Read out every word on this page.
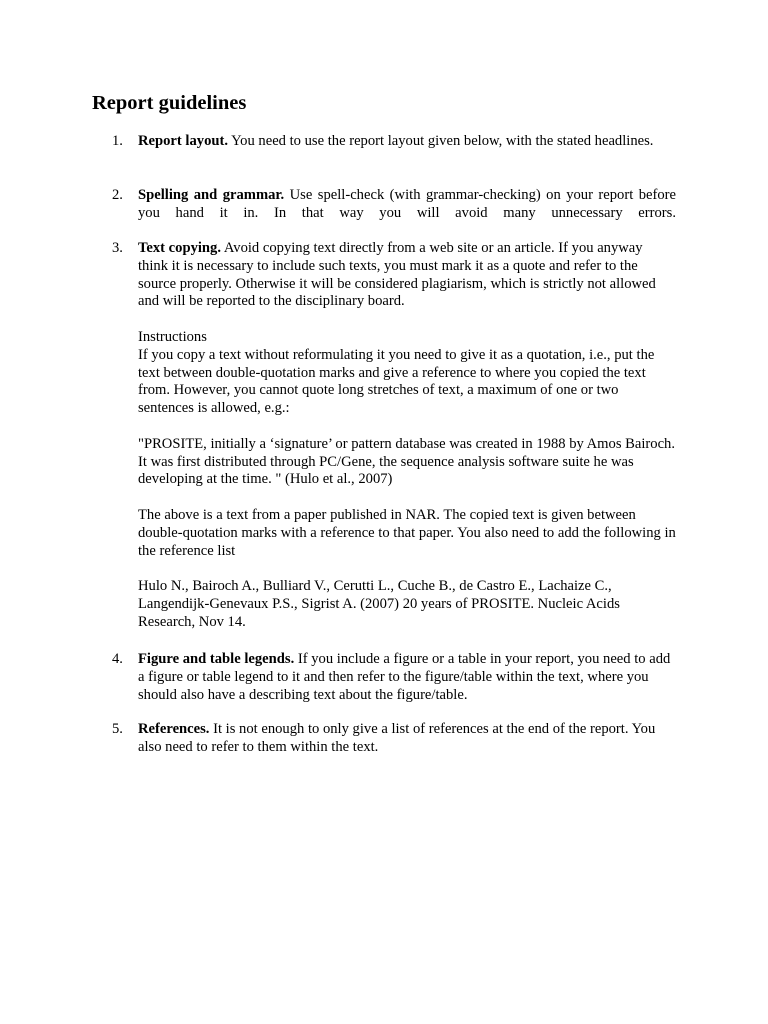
Report guidelines
1. Report layout. You need to use the report layout given below, with the stated headlines.

2. Spelling and grammar. Use spell-check (with grammar-checking) on your report before you hand it in. In that way you will avoid many unnecessary errors.

3. Text copying. Avoid copying text directly from a web site or an article. If you anyway think it is necessary to include such texts, you must mark it as a quote and refer to the source properly. Otherwise it will be considered plagiarism, which is strictly not allowed and will be reported to the disciplinary board.

Instructions

If you copy a text without reformulating it you need to give it as a quotation, i.e., put the text between double-quotation marks and give a reference to where you copied the text from. However, you cannot quote long stretches of text, a maximum of one or two sentences is allowed, e.g.:

"PROSITE, initially a ‘signature’ or pattern database was created in 1988 by Amos Bairoch. It was first distributed through PC/Gene, the sequence analysis software suite he was developing at the time. " (Hulo et al., 2007)

The above is a text from a paper published in NAR. The copied text is given between double-quotation marks with a reference to that paper. You also need to add the following in the reference list

Hulo N., Bairoch A., Bulliard V., Cerutti L., Cuche B., de Castro E., Lachaize C., Langendijk-Genevaux P.S., Sigrist A. (2007) 20 years of PROSITE. Nucleic Acids Research, Nov 14.

4. Figure and table legends. If you include a figure or a table in your report, you need to add a figure or table legend to it and then refer to the figure/table within the text, where you should also have a describing text about the figure/table.

5. References. It is not enough to only give a list of references at the end of the report. You also need to refer to them within the text.
